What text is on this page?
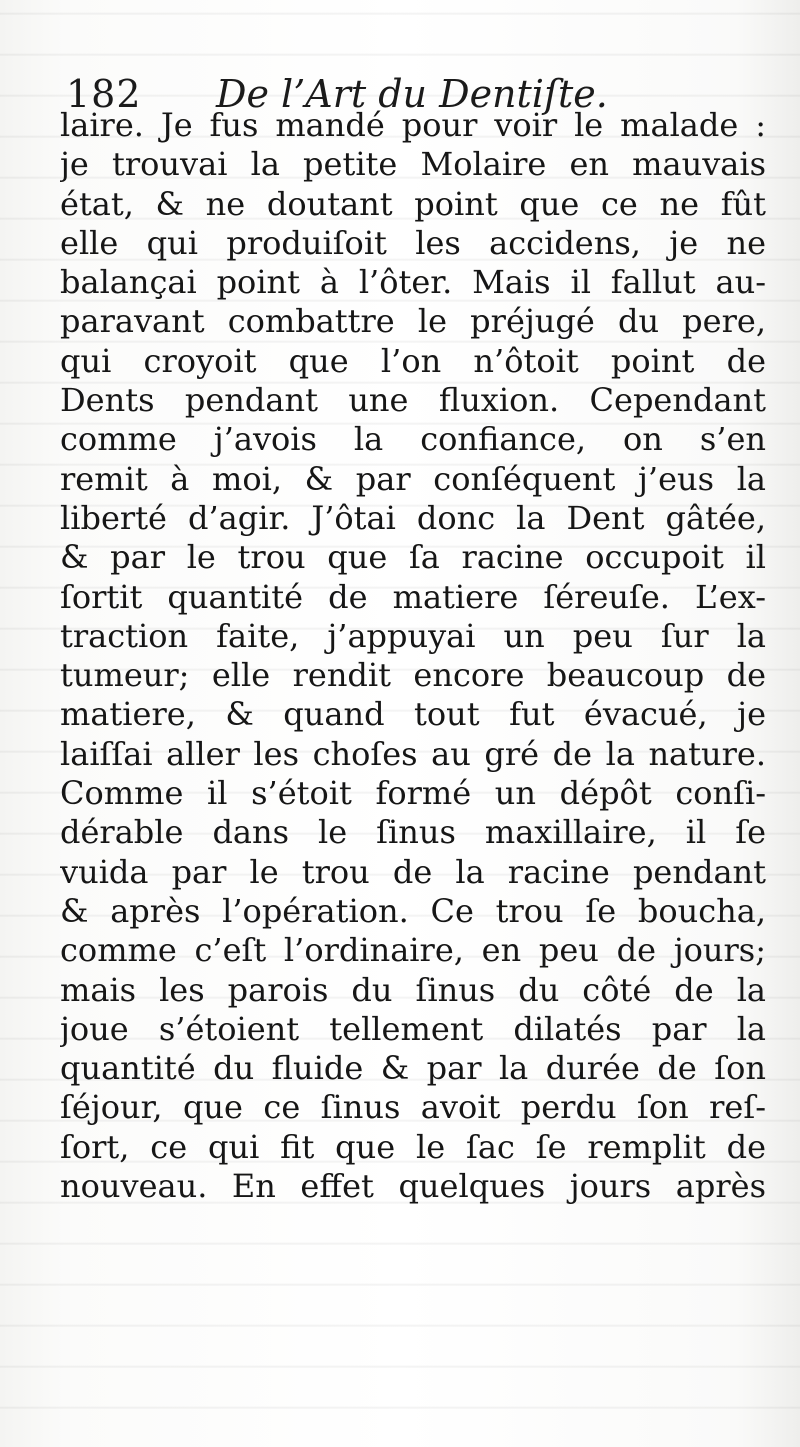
182 De l’Art du Dentiſte.
laire. Je fus mandé pour voir le malade :
je trouvai la petite Molaire en mauvais
état, & ne doutant point que ce ne fût
elle qui produiſoit les accidens, je ne
balançai point à l’ôter. Mais il fallut au-
paravant combattre le préjugé du pere,
qui croyoit que l’on n’ôtoit point de
Dents pendant une fluxion. Cependant
comme j’avois la confiance, on s’en
remit à moi, & par conſéquent j’eus la
liberté d’agir. J’ôtai donc la Dent gâtée,
& par le trou que ſa racine occupoit il
ſortit quantité de matiere ſéreuſe. L’ex-
traction faite, j’appuyai un peu ſur la
tumeur; elle rendit encore beaucoup de
matiere, & quand tout fut évacué, je
laiſſai aller les choſes au gré de la nature.
Comme il s’étoit formé un dépôt conſi-
dérable dans le ſinus maxillaire, il ſe
vuida par le trou de la racine pendant
& après l’opération. Ce trou ſe boucha,
comme c’eſt l’ordinaire, en peu de jours;
mais les parois du ſinus du côté de la
joue s’étoient tellement dilatés par la
quantité du fluide & par la durée de ſon
ſéjour, que ce ſinus avoit perdu ſon reſ-
ſort, ce qui fit que le ſac ſe remplit de
nouveau. En effet quelques jours après
